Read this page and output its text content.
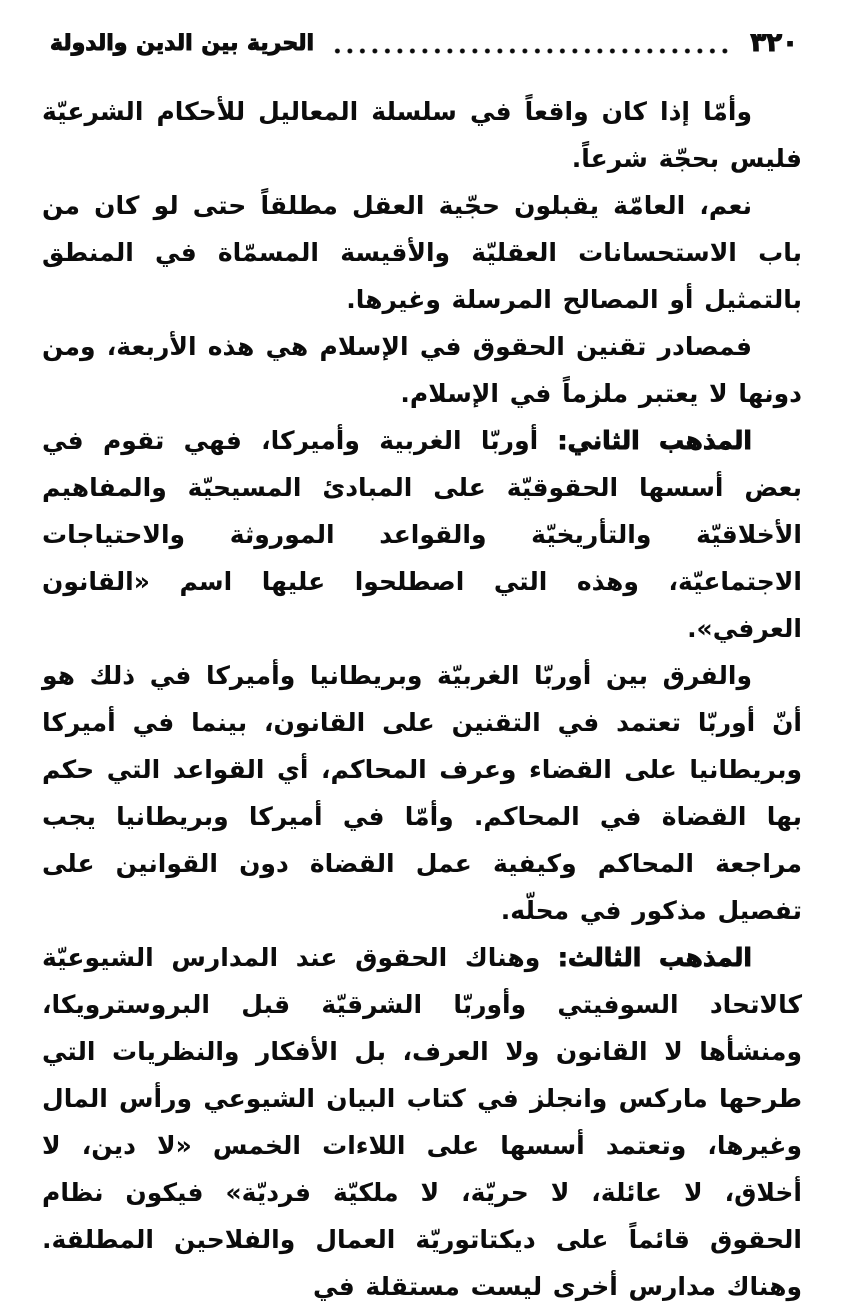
٣٢٠
الحرية بين الدين والدولة

وأمّا إذا كان واقعاً في سلسلة المعاليل للأحكام الشرعيّة فليس بحجّة شرعاً.

نعم، العامّة يقبلون حجّية العقل مطلقاً حتى لو كان من باب الاستحسانات العقليّة والأقيسة المسمّاة في المنطق بالتمثيل أو المصالح المرسلة وغيرها.

فمصادر تقنين الحقوق في الإسلام هي هذه الأربعة، ومن دونها لا يعتبر ملزماً في الإسلام.

المذهب الثاني: أوربّا الغربية وأميركا، فهي تقوم في بعض أسسها الحقوقيّة على المبادئ المسيحيّة والمفاهيم الأخلاقيّة والتأريخيّة والقواعد الموروثة والاحتياجات الاجتماعيّة، وهذه التي اصطلحوا عليها اسم «القانون العرفي».

والفرق بين أوربّا الغربيّة وبريطانيا وأميركا في ذلك هو أنّ أوربّا تعتمد في التقنين على القانون، بينما في أميركا وبريطانيا على القضاء وعرف المحاكم، أي القواعد التي حكم بها القضاة في المحاكم. وأمّا في أميركا وبريطانيا يجب مراجعة المحاكم وكيفية عمل القضاة دون القوانين على تفصيل مذكور في محلّه.

المذهب الثالث: وهناك الحقوق عند المدارس الشيوعيّة كالاتحاد السوفيتي وأوربّا الشرقيّة قبل البروسترويكا، ومنشأها لا القانون ولا العرف، بل الأفكار والنظريات التي طرحها ماركس وانجلز في كتاب البيان الشيوعي ورأس المال وغيرها، وتعتمد أسسها على اللاءات الخمس «لا دين، لا أخلاق، لا عائلة، لا حريّة، لا ملكيّة فرديّة» فيكون نظام الحقوق قائماً على ديكتاتوريّة العمال والفلاحين المطلقة. وهناك مدارس أخرى ليست مستقلة في
